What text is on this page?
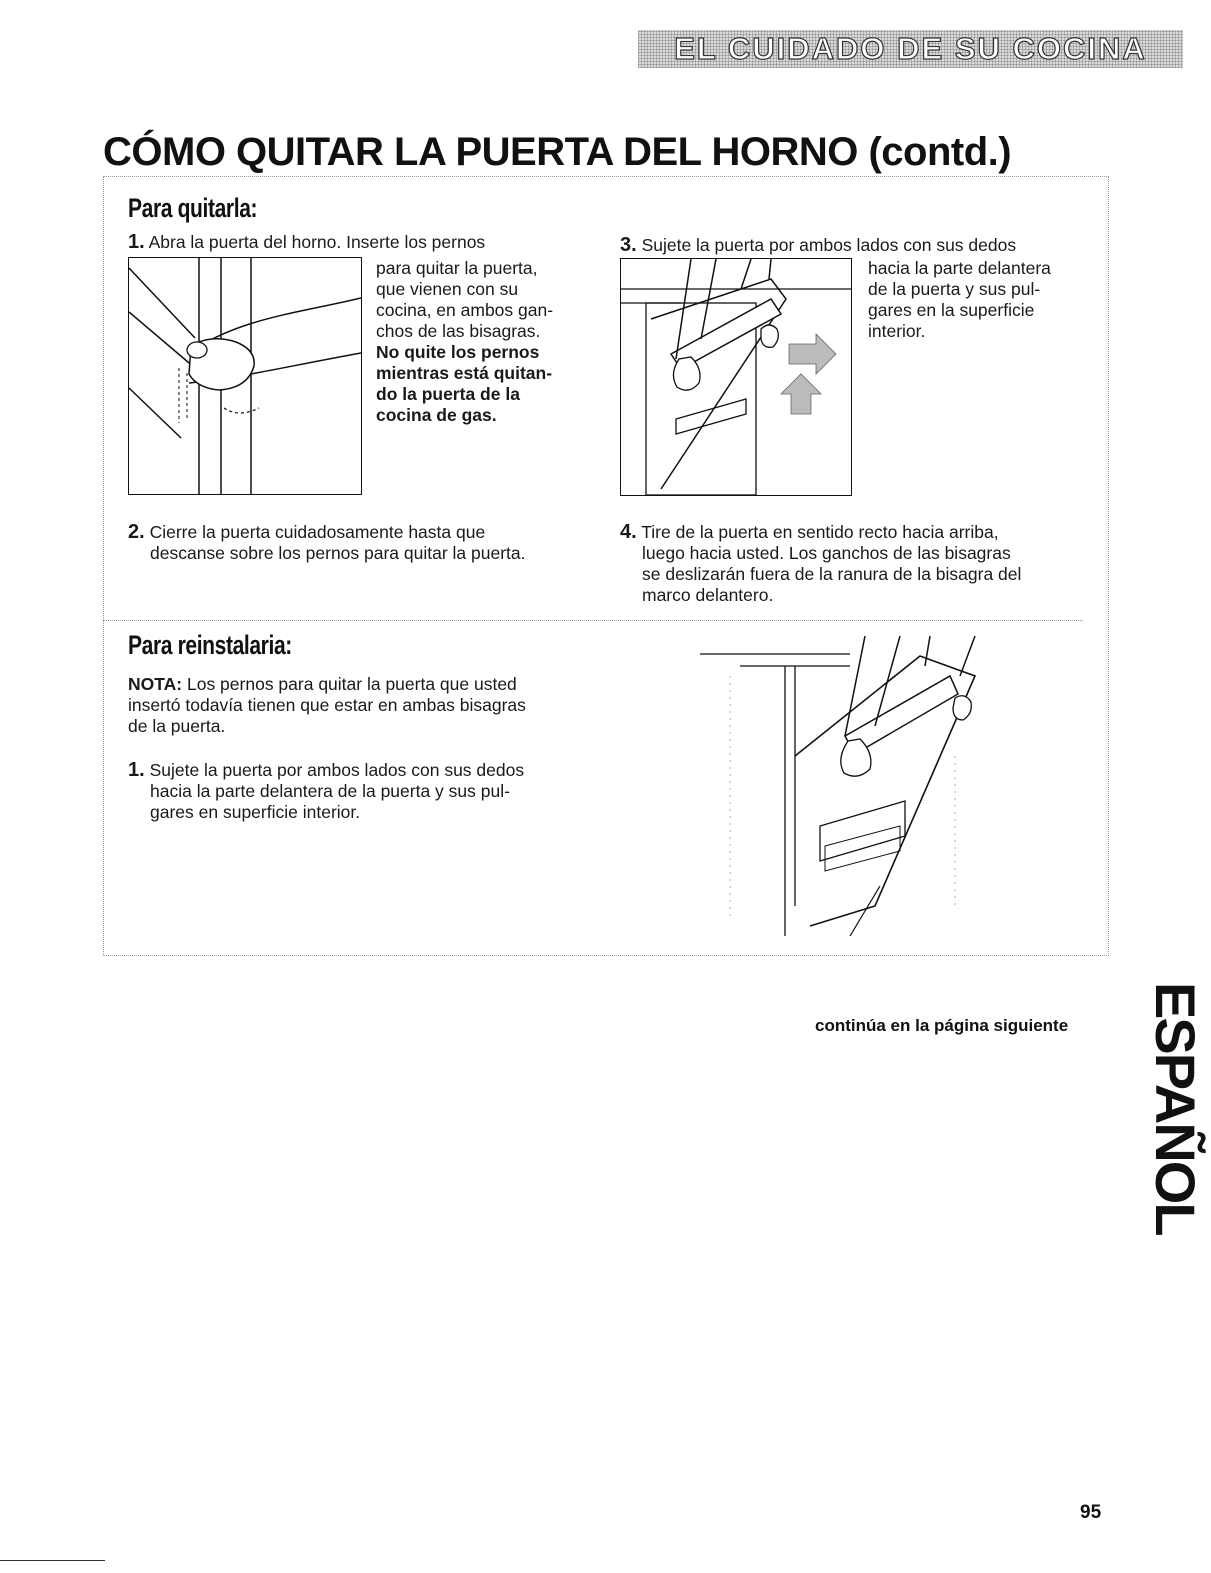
EL CUIDADO DE SU COCINA
CÓMO QUITAR LA PUERTA DEL HORNO (contd.)
Para quitarla:
1. Abra la puerta del horno. Inserte los pernos
para quitar la puerta,
que vienen con su
cocina, en ambos gan-
chos de las bisagras.
No quite los pernos
mientras está quitan-
do la puerta de la
cocina de gas.
2. Cierre la puerta cuidadosamente hasta que
descanse sobre los pernos para quitar la puerta.
3. Sujete la puerta por ambos lados con sus dedos
hacia la parte delantera
de la puerta y sus pul-
gares en la superficie
interior.
4. Tire de la puerta en sentido recto hacia arriba,
luego hacia usted. Los ganchos de las bisagras
se deslizarán fuera de la ranura de la bisagra del
marco delantero.
Para reinstalaria:
NOTA: Los pernos para quitar la puerta que usted
insertó todavía tienen que estar en ambas bisagras
de la puerta.
1. Sujete la puerta por ambos lados con sus dedos
hacia la parte delantera de la puerta y sus pul-
gares en superficie interior.
continúa en la página siguiente ESPAÑOL
95
